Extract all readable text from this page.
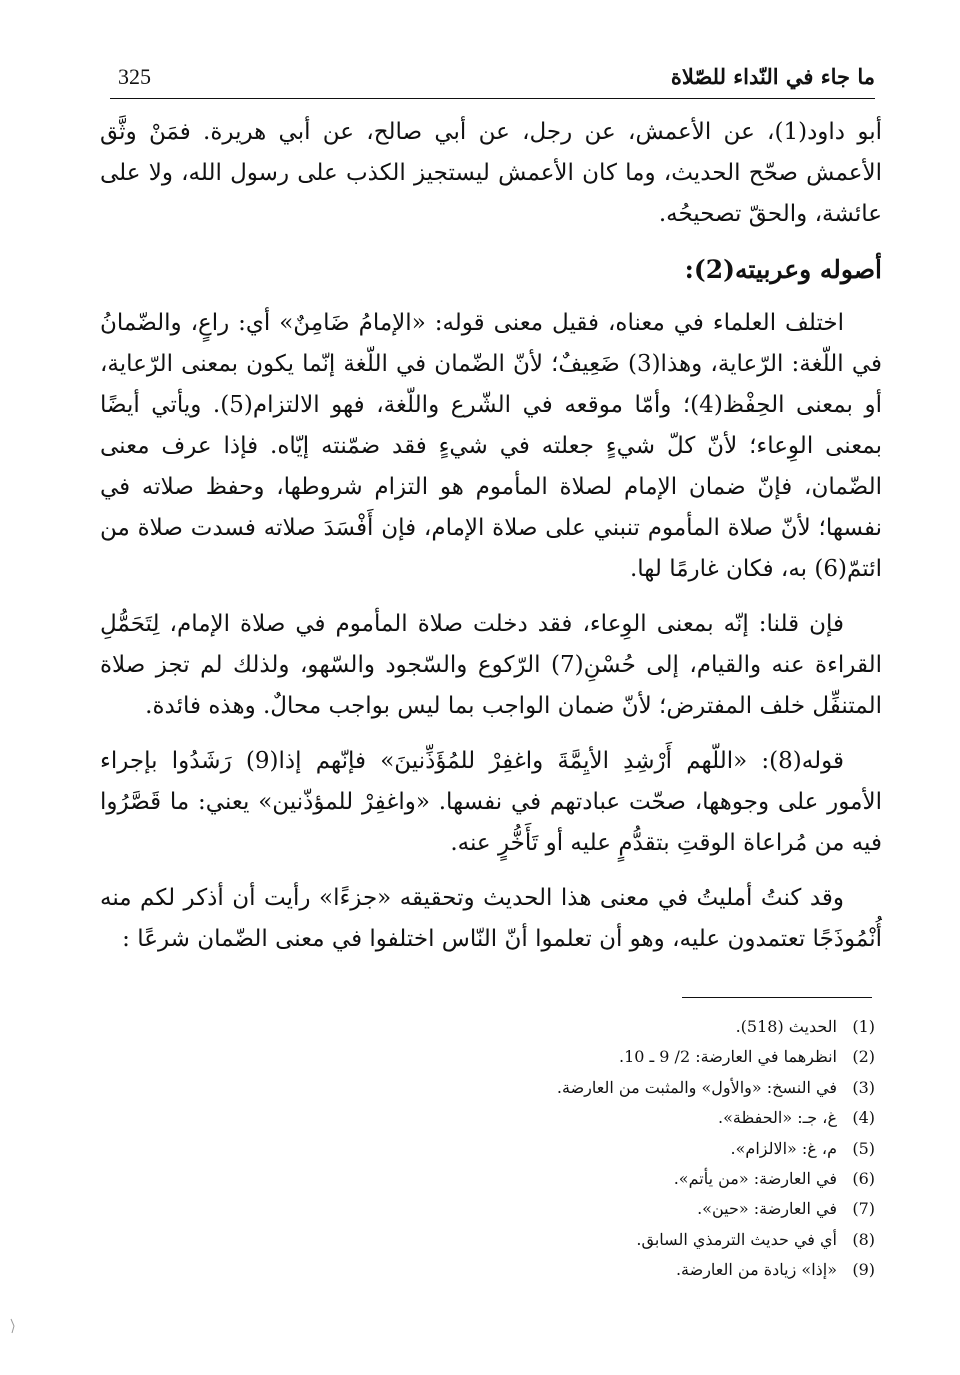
325	ما جاء في النّداء للصّلاة

أبو داود(1)، عن الأعمش، عن رجل، عن أبي صالح، عن أبي هريرة. فمَنْ وثَّق الأعمش صحّح الحديث، وما كان الأعمش ليستجيز الكذب على رسول الله، ولا على عائشة، والحقّ تصحيحُه.

أصوله وعربيته(2):

اختلف العلماء في معناه، فقيل معنى قوله: «الإمامُ ضَامِنٌ» أي: راعٍ، والضّمانُ في اللّغة: الرّعاية، وهذا(3) ضَعِيفٌ؛ لأنّ الضّمان في اللّغة إنّما يكون بمعنى الرّعاية، أو بمعنى الحِفْظ(4)؛ وأمّا موقعه في الشّرع واللّغة، فهو الالتزام(5). ويأتي أيضًا بمعنى الوِعاء؛ لأنّ كلّ شيءٍ جعلته في شيءٍ فقد ضمّنته إيّاه. فإذا عرف معنى الضّمان، فإنّ ضمان الإمام لصلاة المأموم هو التزام شروطها، وحفظ صلاته في نفسها؛ لأنّ صلاة المأموم تنبني على صلاة الإمام، فإن أَفْسَدَ صلاته فسدت صلاة من ائتمّ(6) به، فكان غارمًا لها.

فإن قلنا: إنّه بمعنى الوِعاء، فقد دخلت صلاة المأموم في صلاة الإمام، لِتَحَمُّلِ القراءة عنه والقيام، إلى حُسْنِ(7) الرّكوع والسّجود والسّهو، ولذلك لم تجز صلاة المتنفِّل خلف المفترض؛ لأنّ ضمان الواجب بما ليس بواجب محالٌ. وهذه فائدة.

قوله(8): «اللّهم أَرْشِدِ الأيِمَّةَ واغفِرْ للمُؤَذِّنينَ» فإنّهم إذا(9) رَشَدُوا بإجراء الأمور على وجوهها، صحّت عبادتهم في نفسها. «واغفِرْ للمؤذّنين» يعني: ما قَصَّرُوا فيه من مُراعاة الوقتِ بتقدُّمٍ عليه أو تَأَخُّرٍ عنه.

وقد كنتُ أمليتُ في معنى هذا الحديث وتحقيقه «جزءًا» رأيت أن أذكر لكم منه أُنْمُوذَجًا تعتمدون عليه، وهو أن تعلموا أنّ النّاس اختلفوا في معنى الضّمان شرعًا :

(1)
الحديث (518).
(2)
انظرهما في العارضة: 2/ 9 ـ 10.
(3)
في النسخ: «والأول» والمثبت من العارضة.
(4)
غ، جـ: «الحفظة».
(5)
م، غ: «الالزام».
(6)
في العارضة: «من يأتم».
(7)
في العارضة: «حين».
(8)
أي في حديث الترمذي السابق.
(9)
«إذا» زيادة من العارضة.
